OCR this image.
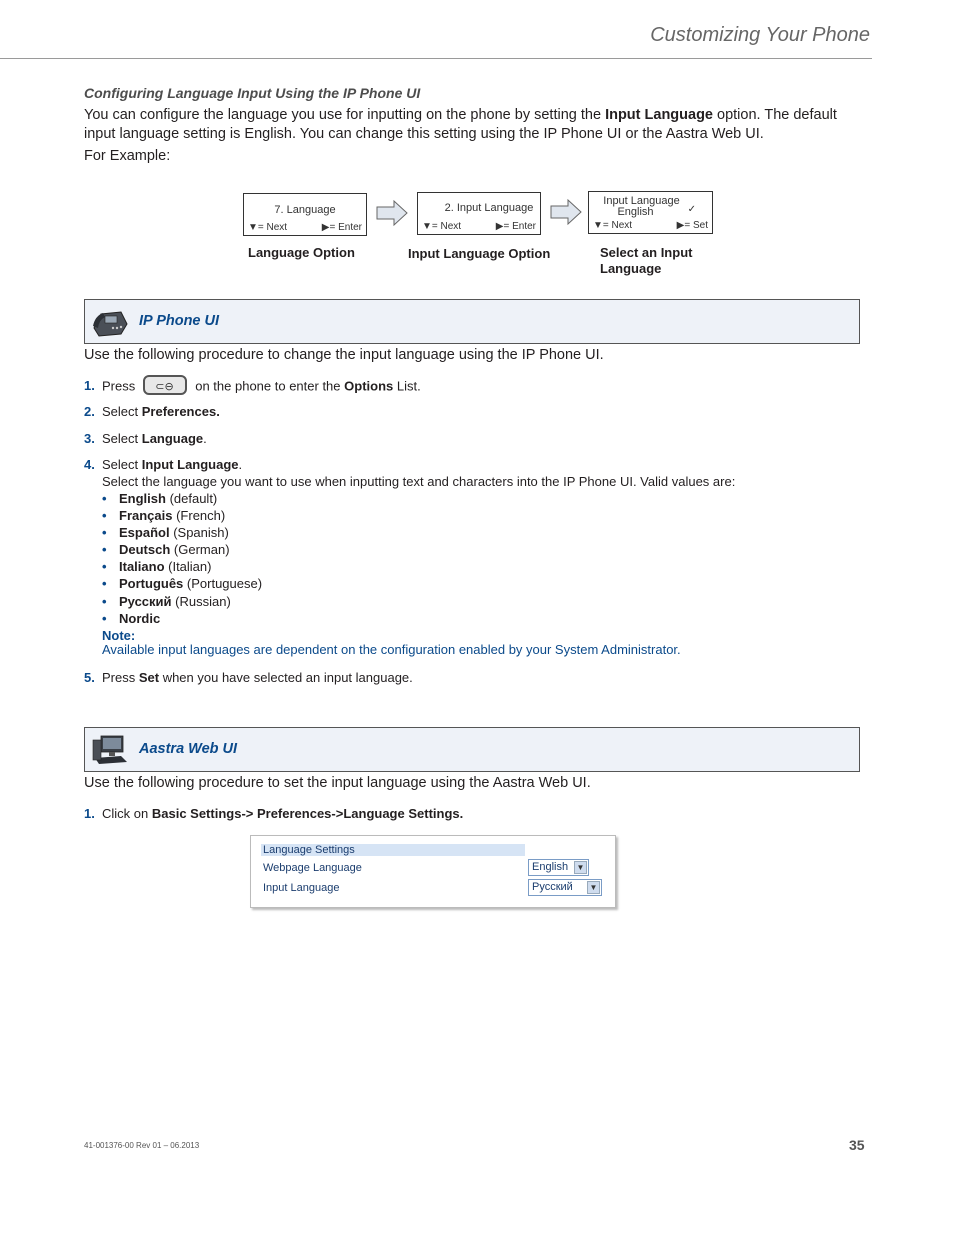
Customizing Your Phone
Configuring Language Input Using the IP Phone UI
You can configure the language you use for inputting on the phone by setting the Input Language option. The default input language setting is English. You can change this setting using the IP Phone UI or the Aastra Web UI.
For Example:
7. Language
▼= Next	▶= Enter
Language Option
2. Input Language
▼= Next	▶= Enter
Input Language Option
Input Language
English	✓
▼= Next	▶= Set
Select an Input Language
IP Phone UI
Use the following procedure to change the input language using the IP Phone UI.
1. Press ⊂⊖ on the phone to enter the Options List.
2. Select Preferences.
3. Select Language.
4. Select Input Language.
Select the language you want to use when inputting text and characters into the IP Phone UI. Valid values are:
• English (default)
• Français (French)
• Español (Spanish)
• Deutsch (German)
• Italiano (Italian)
• Português (Portuguese)
• Русский (Russian)
• Nordic
Note:
Available input languages are dependent on the configuration enabled by your System Administrator.
5. Press Set when you have selected an input language.
Aastra Web UI
Use the following procedure to set the input language using the Aastra Web UI.
1. Click on Basic Settings-> Preferences->Language Settings.
Language Settings
Webpage Language	English	▼
Input Language	Русский	▼
41-001376-00 Rev 01 – 06.2013	35
